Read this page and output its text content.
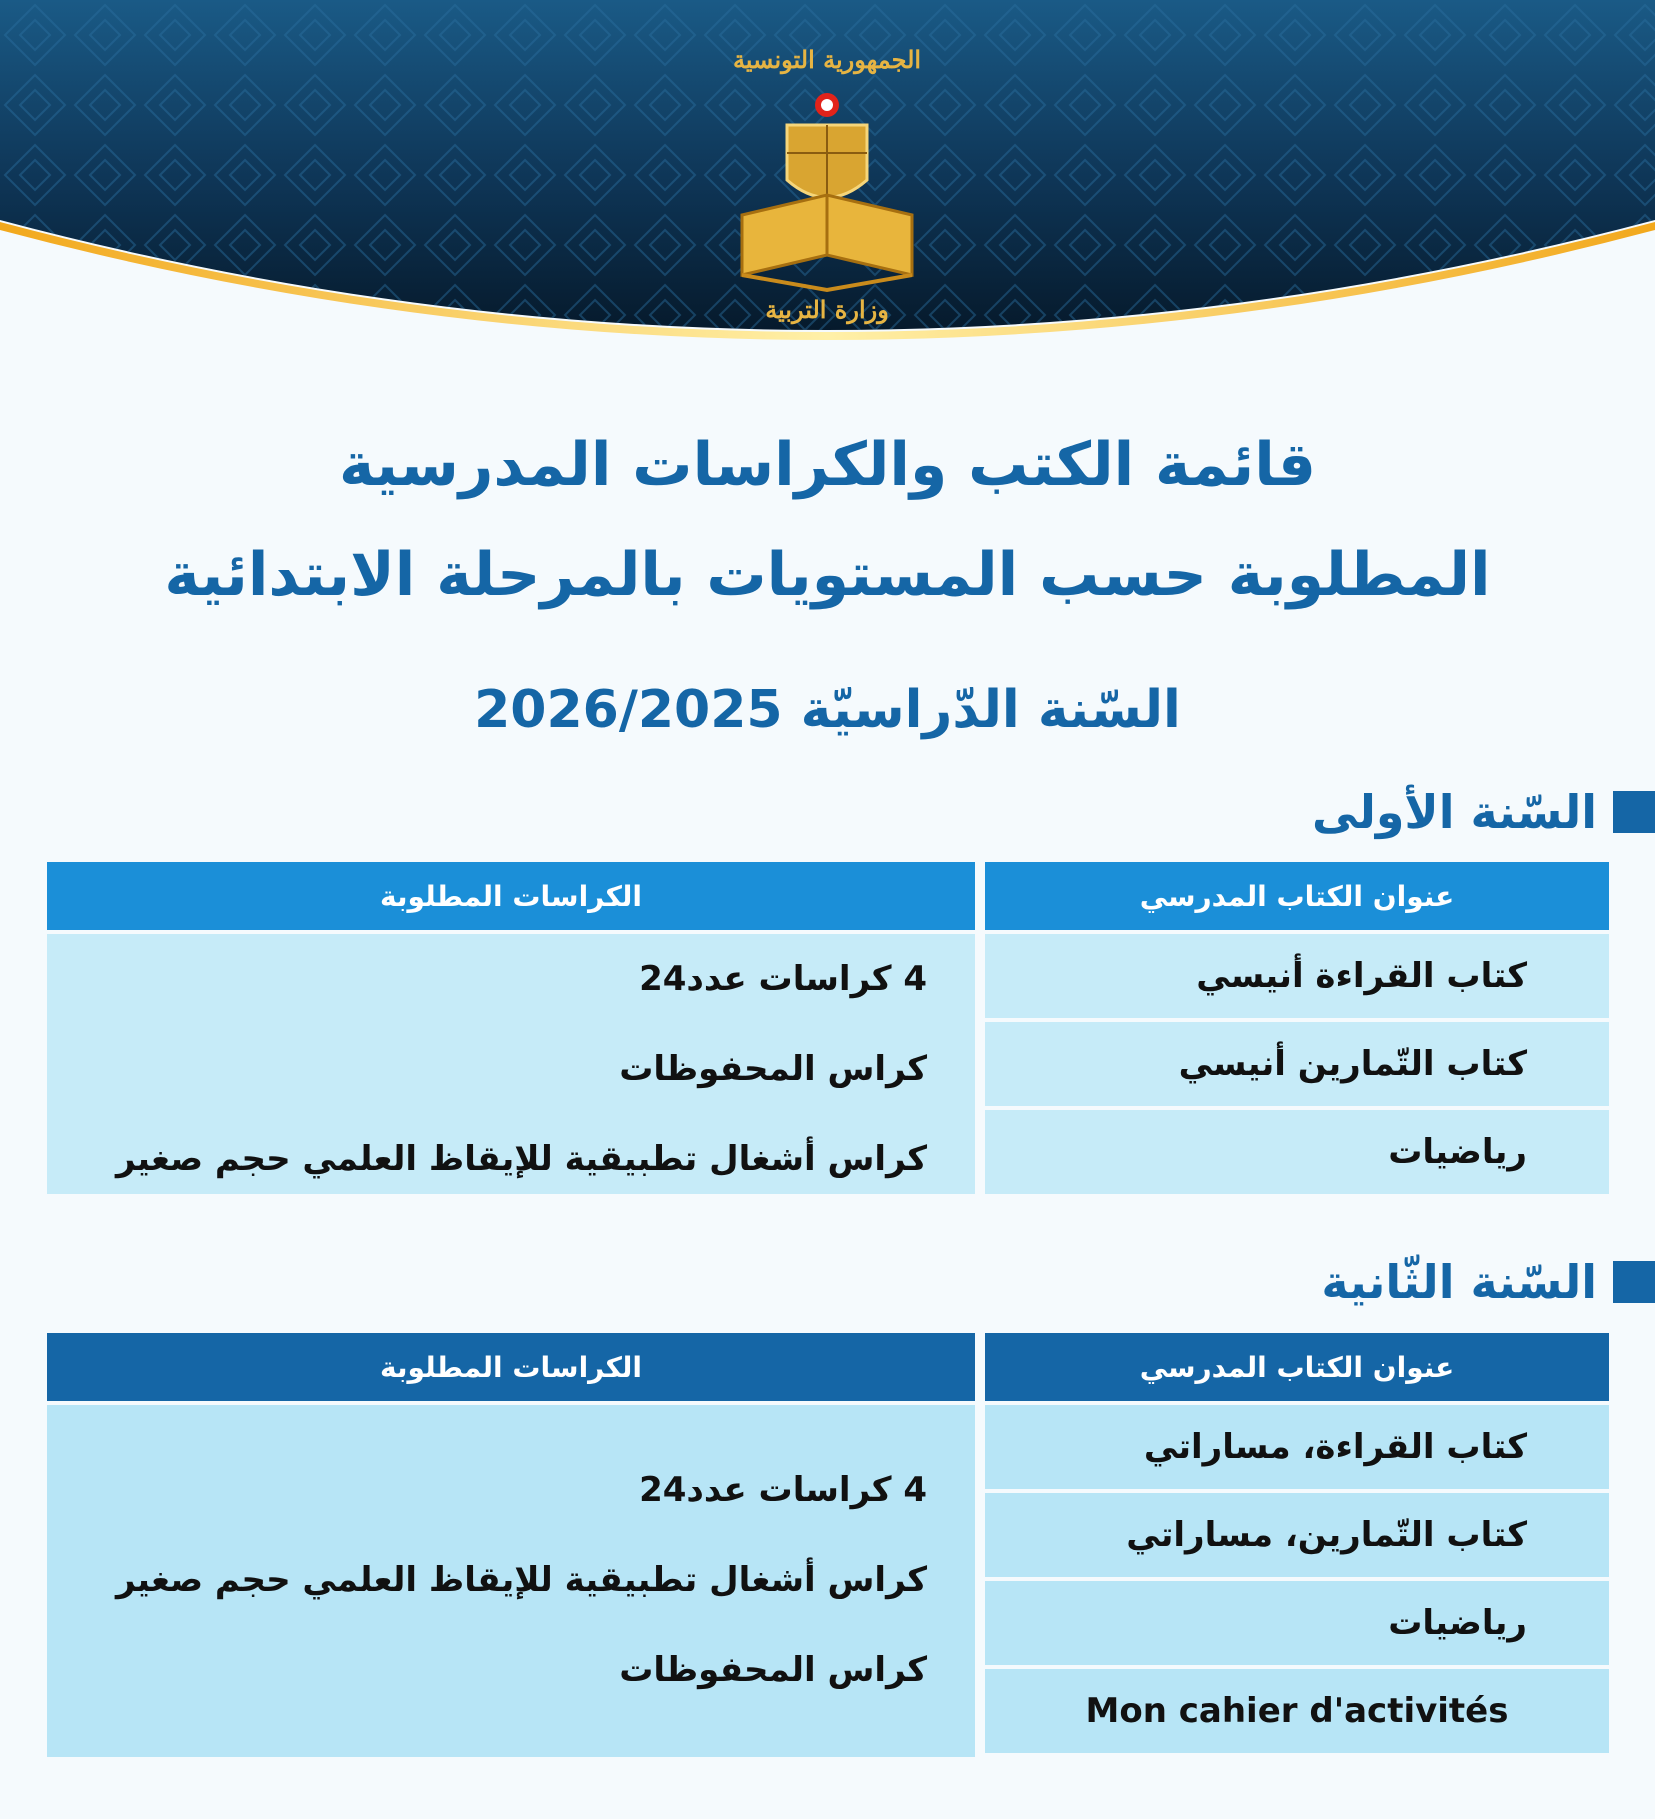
الجمهورية التونسية
وزارة التربية
قائمة الكتب والكراسات المدرسية
المطلوبة حسب المستويات بالمرحلة الابتدائية
السّنة الدّراسيّة 2026/2025
السّنة الأولى
عنوان الكتاب المدرسي
كتاب القراءة أنيسي
كتاب التّمارين أنيسي
رياضيات
الكراسات المطلوبة
4 كراسات عدد24
كراس المحفوظات
كراس أشغال تطبيقية للإيقاظ العلمي حجم صغير
السّنة الثّانية
عنوان الكتاب المدرسي
كتاب القراءة، مساراتي
كتاب التّمارين، مساراتي
رياضيات
Mon cahier d'activités
الكراسات المطلوبة
4 كراسات عدد24
كراس أشغال تطبيقية للإيقاظ العلمي حجم صغير
كراس المحفوظات
